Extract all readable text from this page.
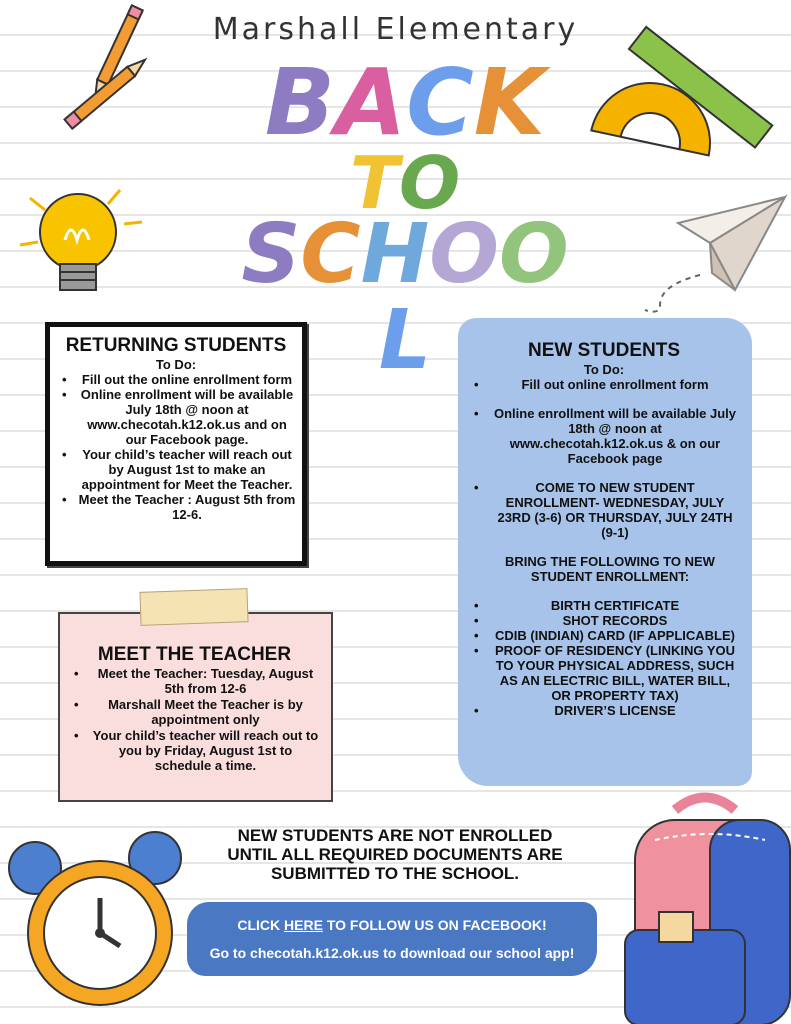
Marshall Elementary
BACK
TO
SCHOOL
RETURNING STUDENTS
To Do:
• Fill out the online enrollment form
• Online enrollment will be available July 18th @ noon at www.checotah.k12.ok.us and on our Facebook page.
• Your child’s teacher will reach out by August 1st to make an appointment for Meet the Teacher.
• Meet the Teacher : August 5th from 12-6.
MEET THE TEACHER
• Meet the Teacher: Tuesday, August 5th from 12-6
• Marshall Meet the Teacher is by appointment only
• Your child’s teacher will reach out to you by Friday, August 1st to schedule a time.
NEW STUDENTS
To Do:
• Fill out online enrollment form
• Online enrollment will be available July 18th @ noon at www.checotah.k12.ok.us & on our Facebook page
• COME TO NEW STUDENT ENROLLMENT- WEDNESDAY, JULY 23RD (3-6) OR THURSDAY, JULY 24TH (9-1)
BRING THE FOLLOWING TO NEW STUDENT ENROLLMENT:
• BIRTH CERTIFICATE
• SHOT RECORDS
• CDIB (INDIAN) CARD (IF APPLICABLE)
• PROOF OF RESIDENCY (LINKING YOU TO YOUR PHYSICAL ADDRESS, SUCH AS AN ELECTRIC BILL, WATER BILL, OR PROPERTY TAX)
• DRIVER’S LICENSE
NEW STUDENTS ARE NOT ENROLLED
UNTIL ALL REQUIRED DOCUMENTS ARE
SUBMITTED TO THE SCHOOL.
CLICK HERE TO FOLLOW US ON FACEBOOK!
Go to checotah.k12.ok.us to download our school app!
